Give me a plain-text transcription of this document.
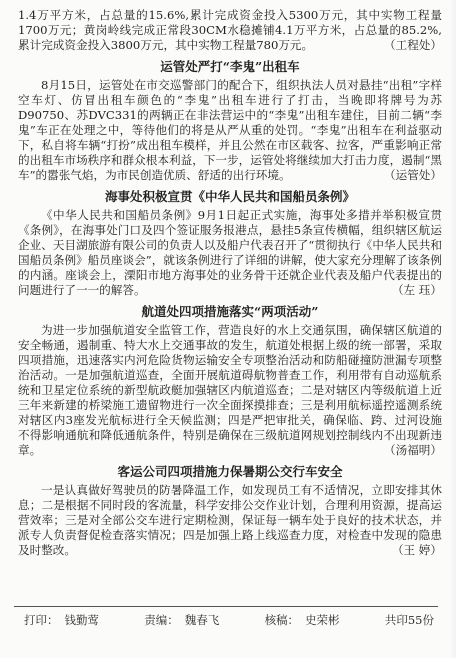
1.4万平方米，占总量的15.6%,累计完成资金投入5300万元，其中实物工程量1700万元；黄岗岭线完成正常段30CM水稳摊铺4.1万平方米，占总量的85.2%,累计完成资金投入3800万元，其中实物工程量780万元。	（工程处）

运管处严打“李鬼”出租车

8月15日，运管处在市交巡警部门的配合下，组织执法人员对悬挂“出租”字样空车灯、仿冒出租车颜色的“李鬼”出租车进行了打击，当晚即将牌号为苏D90750、苏DVC331的两辆正在非法营运中的“李鬼”出租车建住，目前二辆“李鬼”车正在处理之中，等待他们的将是从严从重的处罚。“李鬼”出租车在利益驱动下，私自将车辆“打扮”成出租车模样，并且公然在市区载客、拉客，严重影响正常的出租车市场秩序和群众根本利益，下一步，运管处将继续加大打击力度，遏制“黑车”的嚣张气焰，为市民创造优质、舒适的出行环境。	（运管处）

海事处积极宣贯《中华人民共和国船员条例》

《中华人民共和国船员条例》9月1日起正式实施，海事处多措并举积极宣贯《条例》，在海事处门口及四个签证服务报港点，悬挂5条宣传横幅，组织辖区航运企业、天目湖旅游有限公司的负责人以及船户代表召开了“贯彻执行《中华人民共和国船员条例》船员座谈会”，就该条例进行了详细的讲解，使大家充分理解了该条例的内涵。座谈会上，溧阳市地方海事处的业务骨干还就企业代表及船户代表提出的问题进行了一一的解答。	（左 珏）

航道处四项措施落实“两项活动”

为进一步加强航道安全监管工作，营造良好的水上交通氛围，确保辖区航道的安全畅通，遏制重、特大水上交通事故的发生，航道处根据上级的统一部署，采取四项措施，迅速落实内河危险货物运输安全专项整治活动和防船碰撞防泄漏专项整治活动。一是加强航道巡查，全面开展航道碍航物普查工作，利用带有自动巡航系统和卫星定位系统的新型航政艇加强辖区内航道巡查；二是对辖区内等级航道上近三年来新建的桥梁施工遗留物进行一次全面探摸排查；三是利用航标遥控遥测系统对辖区内3座发光航标进行全天候监测；四是严把审批关，确保临、跨、过河设施不得影响通航和降低通航条件，特别是确保在三级航道网规划控制线内不出现新违章。	（汤福明）

客运公司四项措施力保暑期公交行车安全

一是认真做好驾驶员的防暑降温工作，如发现员工有不适情况，立即安排其休息；二是根据不同时段的客流量，科学安排公交作业计划，合理利用资源，提高运营效率；三是对全部公交车进行定期检测，保证每一辆车处于良好的技术状态，并派专人负责督促检查落实情况；四是加强上路上线巡查力度，对检查中发现的隐患及时整改。	（王 婷）

打印： 钱勤莺	责编： 魏春飞	核稿： 史荣彬	共印55份
